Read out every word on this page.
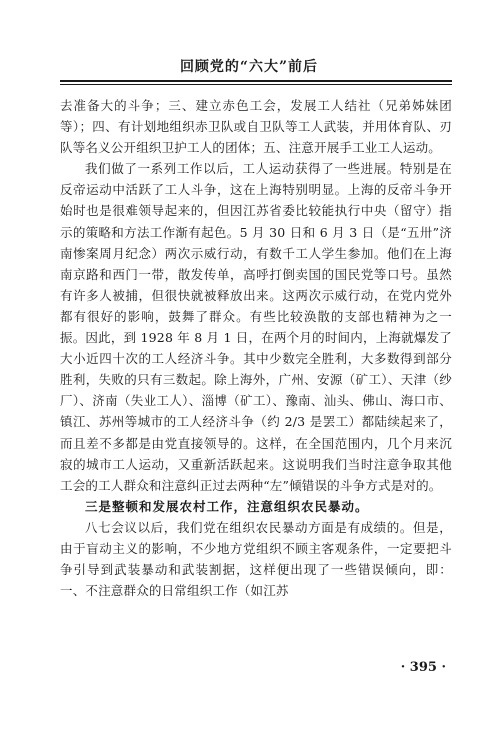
回顾党的“六大”前后

去准备大的斗争；三、建立赤色工会，发展工人结社（兄弟姊妹团等）；四、有计划地组织赤卫队或自卫队等工人武装，并用体育队、刃队等名义公开组织卫护工人的团体；五、注意开展手工业工人运动。

我们做了一系列工作以后，工人运动获得了一些进展。特别是在反帝运动中活跃了工人斗争，这在上海特别明显。上海的反帝斗争开始时也是很难领导起来的，但因江苏省委比较能执行中央（留守）指示的策略和方法工作渐有起色。5 月 30 日和 6 月 3 日（是“五卅”济南惨案周月纪念）两次示威行动，有数千工人学生参加。他们在上海南京路和西门一带，散发传单，高呼打倒卖国的国民党等口号。虽然有许多人被捕，但很快就被释放出来。这两次示威行动，在党内党外都有很好的影响，鼓舞了群众。有些比较涣散的支部也精神为之一振。因此，到 1928 年 8 月 1 日，在两个月的时间内，上海就爆发了大小近四十次的工人经济斗争。其中少数完全胜利，大多数得到部分胜利，失败的只有三数起。除上海外，广州、安源（矿工）、天津（纱厂）、济南（失业工人）、淄博（矿工）、豫南、汕头、佛山、海口市、镇江、苏州等城市的工人经济斗争（约 2/3 是罢工）都陆续起来了，而且差不多都是由党直接领导的。这样，在全国范围内，几个月来沉寂的城市工人运动，又重新活跃起来。这说明我们当时注意争取其他工会的工人群众和注意纠正过去两种“左”倾错误的斗争方式是对的。

三是整顿和发展农村工作，注意组织农民暴动。

八七会议以后，我们党在组织农民暴动方面是有成绩的。但是，由于盲动主义的影响，不少地方党组织不顾主客观条件，一定要把斗争引导到武装暴动和武装割据，这样便出现了一些错误倾向，即：一、不注意群众的日常组织工作（如江苏

· 395 ·
